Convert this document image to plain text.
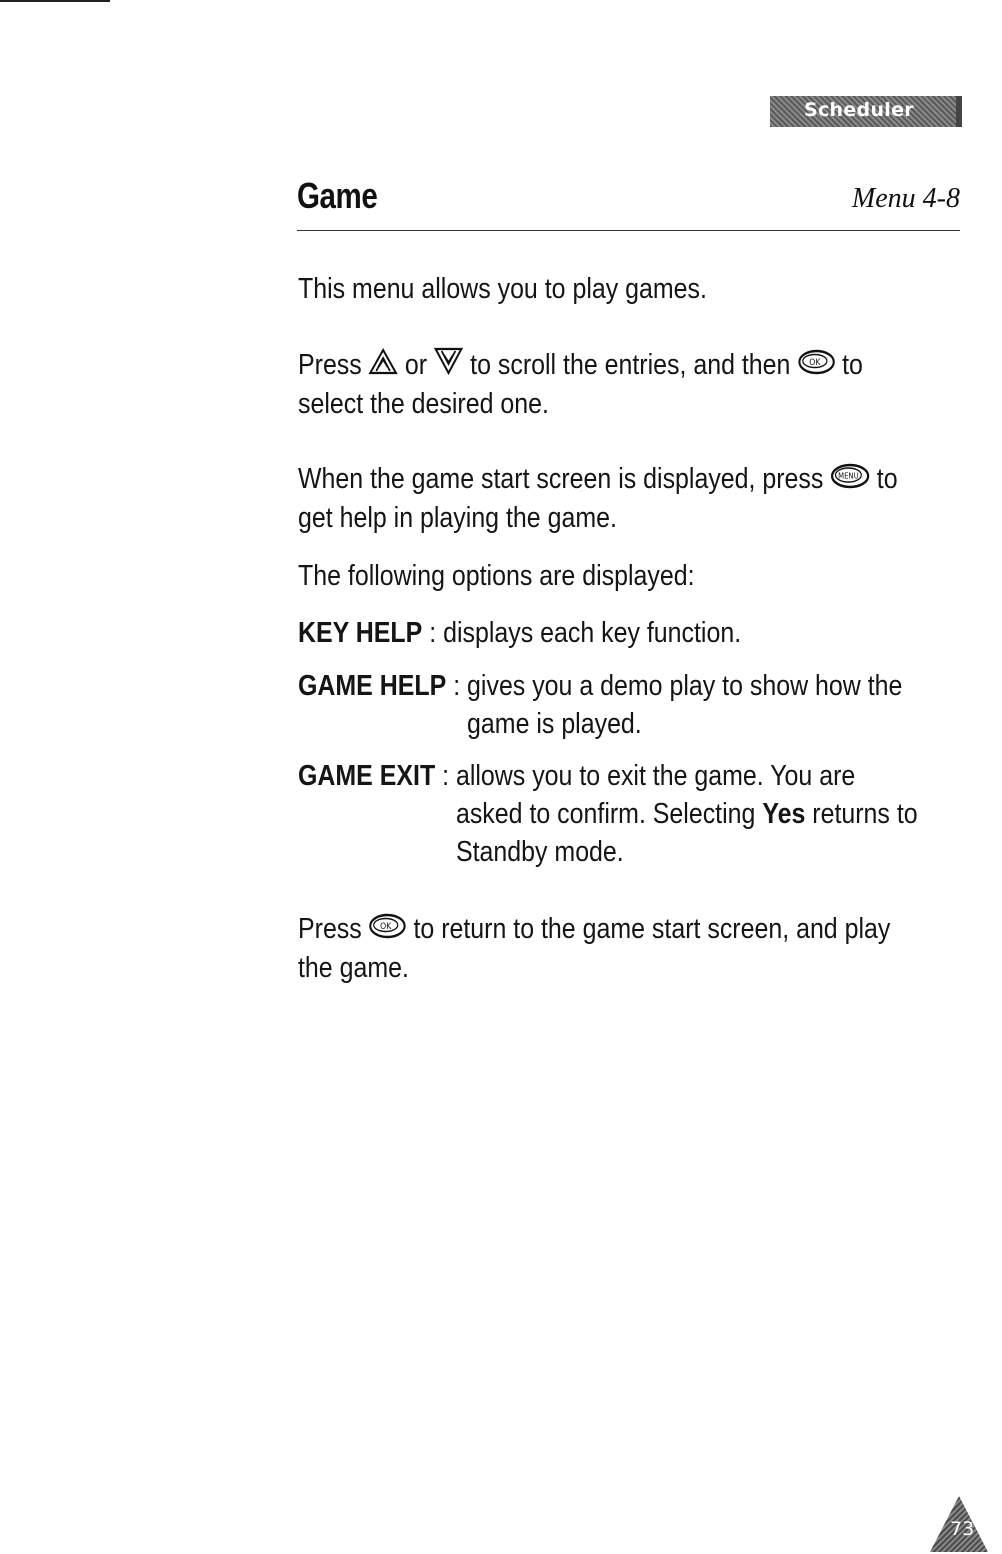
Scheduler
Game	Menu 4-8

This menu allows you to play games.

Press or to scroll the entries, and then OK to
select the desired one.

When the game start screen is displayed, press MENU to
get help in playing the game.

The following options are displayed:

KEY HELP : displays each key function.
GAME HELP : gives you a demo play to show how the
game is played.
GAME EXIT : allows you to exit the game. You are
asked to confirm. Selecting Yes returns to
Standby mode.

Press OK to return to the game start screen, and play
the game.

73
